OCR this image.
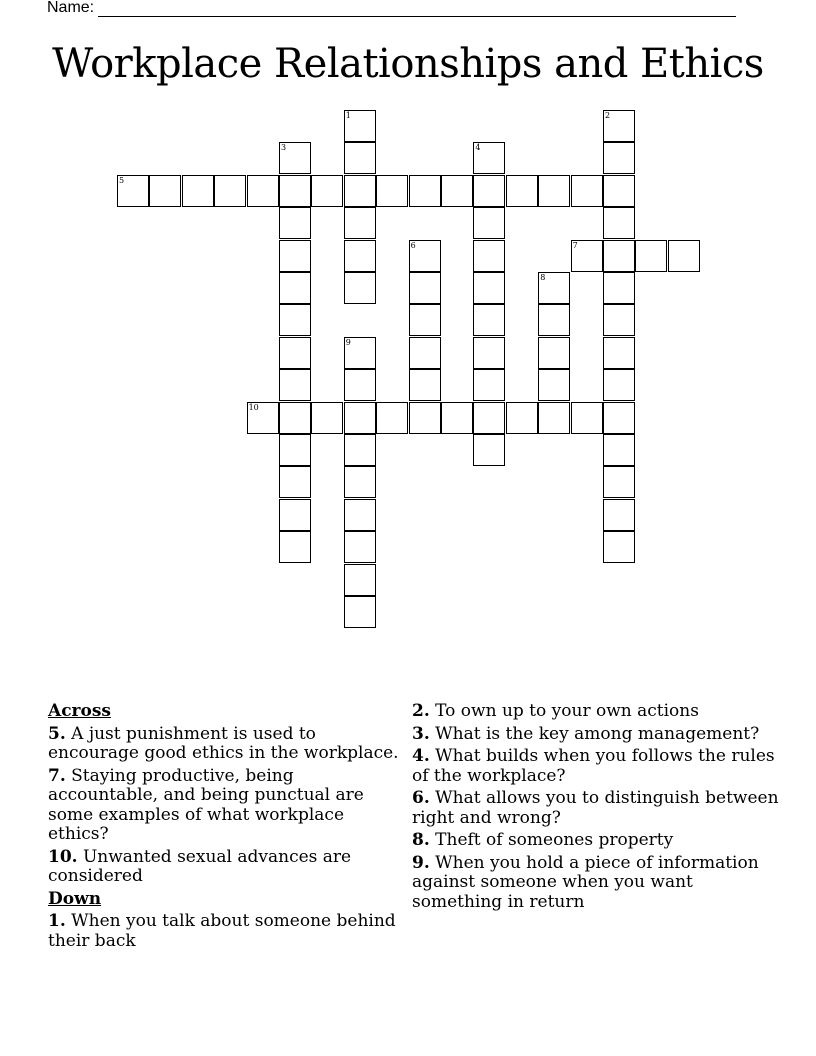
Name:
Workplace Relationships and Ethics
1	2
3	4
5
6	7
8
9
10
Across
5. A just punishment is used to encourage good ethics in the workplace.
7. Staying productive, being accountable, and being punctual are some examples of what workplace ethics?
10. Unwanted sexual advances are considered
Down
1. When you talk about someone behind their back
2. To own up to your own actions
3. What is the key among management?
4. What builds when you follows the rules of the workplace?
6. What allows you to distinguish between right and wrong?
8. Theft of someones property
9. When you hold a piece of information against someone when you want something in return
